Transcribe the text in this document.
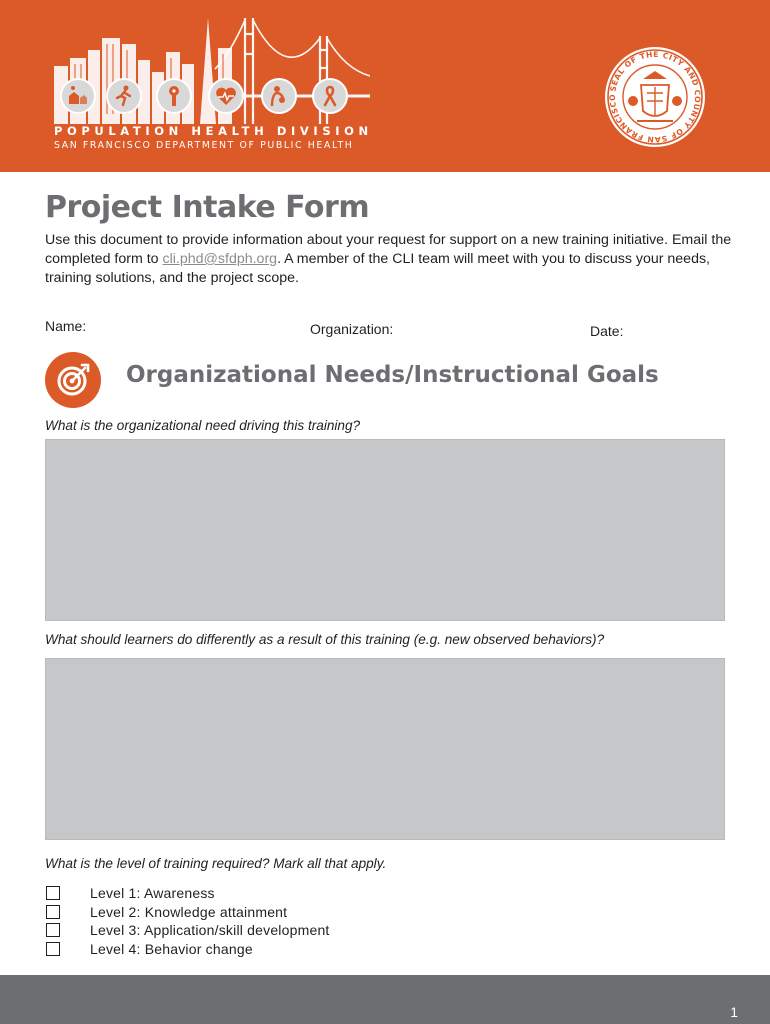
POPULATION HEALTH DIVISION
SAN FRANCISCO DEPARTMENT OF PUBLIC HEALTH
SEAL OF THE CITY AND COUNTY OF SAN FRANCISCO
Project Intake Form
Use this document to provide information about your request for support on a new training initiative. Email the completed form to cli.phd@sfdph.org. A member of the CLI team will meet with you to discuss your needs, training solutions, and the project scope.
Name:	Organization:	Date:
Organizational Needs/Instructional Goals
What is the organizational need driving this training?
What should learners do differently as a result of this training (e.g. new observed behaviors)?
What is the level of training required? Mark all that apply.
Level 1: Awareness
Level 2: Knowledge attainment
Level 3: Application/skill development
Level 4: Behavior change
1
